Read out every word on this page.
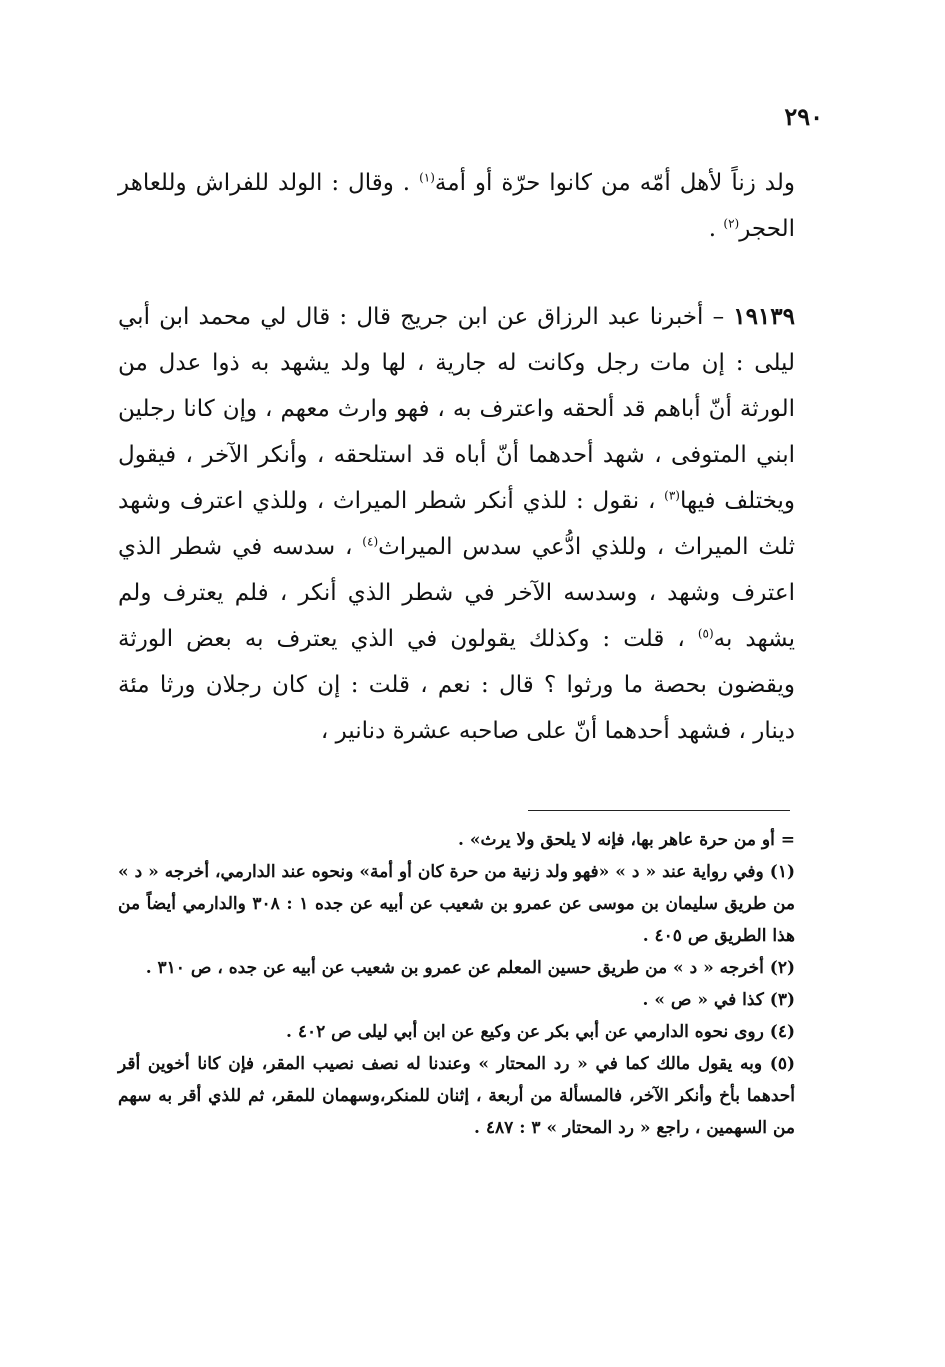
٢٩٠

ولد زناً لأهل أمّه من كانوا حرّة أو أمة$^{(١)}$ . وقال : الولد للفراش وللعاهر الحجر$^{(٢)}$ .

١٩١٣٩ – أخبرنا عبد الرزاق عن ابن جريج قال : قال لي محمد ابن أبي ليلى : إن مات رجل وكانت له جارية ، لها ولد يشهد به ذوا عدل من الورثة أنّ أباهم قد ألحقه واعترف به ، فهو وارث معهم ، وإن كانا رجلين ابني المتوفى ، شهد أحدهما أنّ أباه قد استلحقه ، وأنكر الآخر ، فيقول ويختلف فيها$^{(٣)}$ ، نقول : للذي أنكر شطر الميراث ، وللذي اعترف وشهد ثلث الميراث ، وللذي ادُّعي سدس الميراث$^{(٤)}$ ، سدسه في شطر الذي اعترف وشهد ، وسدسه الآخر في شطر الذي أنكر ، فلم يعترف ولم يشهد به$^{(٥)}$ ، قلت : وكذلك يقولون في الذي يعترف به بعض الورثة ويقضون بحصة ما ورثوا ؟ قال : نعم ، قلت : إن كان رجلان ورثا مئة دينار ، فشهد أحدهما أنّ على صاحبه عشرة دنانير ،

= أو من حرة عاهر بها، فإنه لا يلحق ولا يرث» .

(١) وفي رواية عند « د » «فهو ولد زنية من حرة كان أو أمة» ونحوه عند الدارمي، أخرجه « د » من طريق سليمان بن موسى عن عمرو بن شعيب عن أبيه عن جده ١ : ٣٠٨ والدارمي أيضاً من هذا الطريق ص ٤٠٥ .

(٢) أخرجه « د » من طريق حسين المعلم عن عمرو بن شعيب عن أبيه عن جده ، ص ٣١٠ .

(٣) كذا في « ص » .

(٤) روى نحوه الدارمي عن أبي بكر عن وكيع عن ابن أبي ليلى ص ٤٠٢ .

(٥) وبه يقول مالك كما في « رد المحتار » وعندنا له نصف نصيب المقر، فإن كانا أخوين أقر أحدهما بأخ وأنكر الآخر، فالمسألة من أربعة ، إثنان للمنكر،وسهمان للمقر، ثم للذي أقر به سهم من السهمين ، راجع « رد المحتار » ٣ : ٤٨٧ .
